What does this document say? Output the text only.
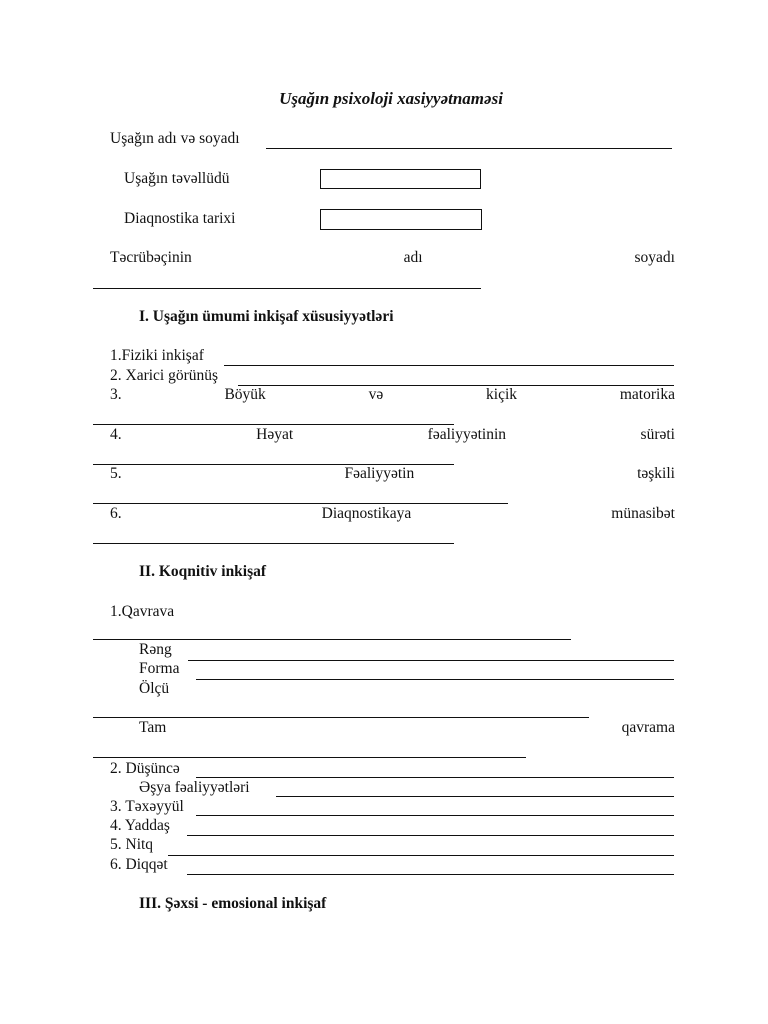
Uşağın psixoloji xasiyyətnaməsi
Uşağın adı və soyadı
Uşağın təvəllüdü
Diaqnostika tarixi
Təcrübəçinin	adı	soyadı
I. Uşağın ümumi inkişaf xüsusiyyətləri
1.Fiziki inkişaf
2. Xarici görünüş
3.	Böyük	və	kiçik	matorika
4.	Həyat	fəaliyyətinin	sürəti
5.	Fəaliyyətin	təşkili
6.	Diaqnostikaya	münasibət
II. Koqnitiv inkişaf
1.Qavrava
Rəng
Forma
Ölçü
Tam	qavrama
2. Düşüncə
Əşya fəaliyyətləri
3. Təxəyyül
4. Yaddaş
5. Nitq
6. Diqqət
III. Şəxsi - emosional inkişaf
